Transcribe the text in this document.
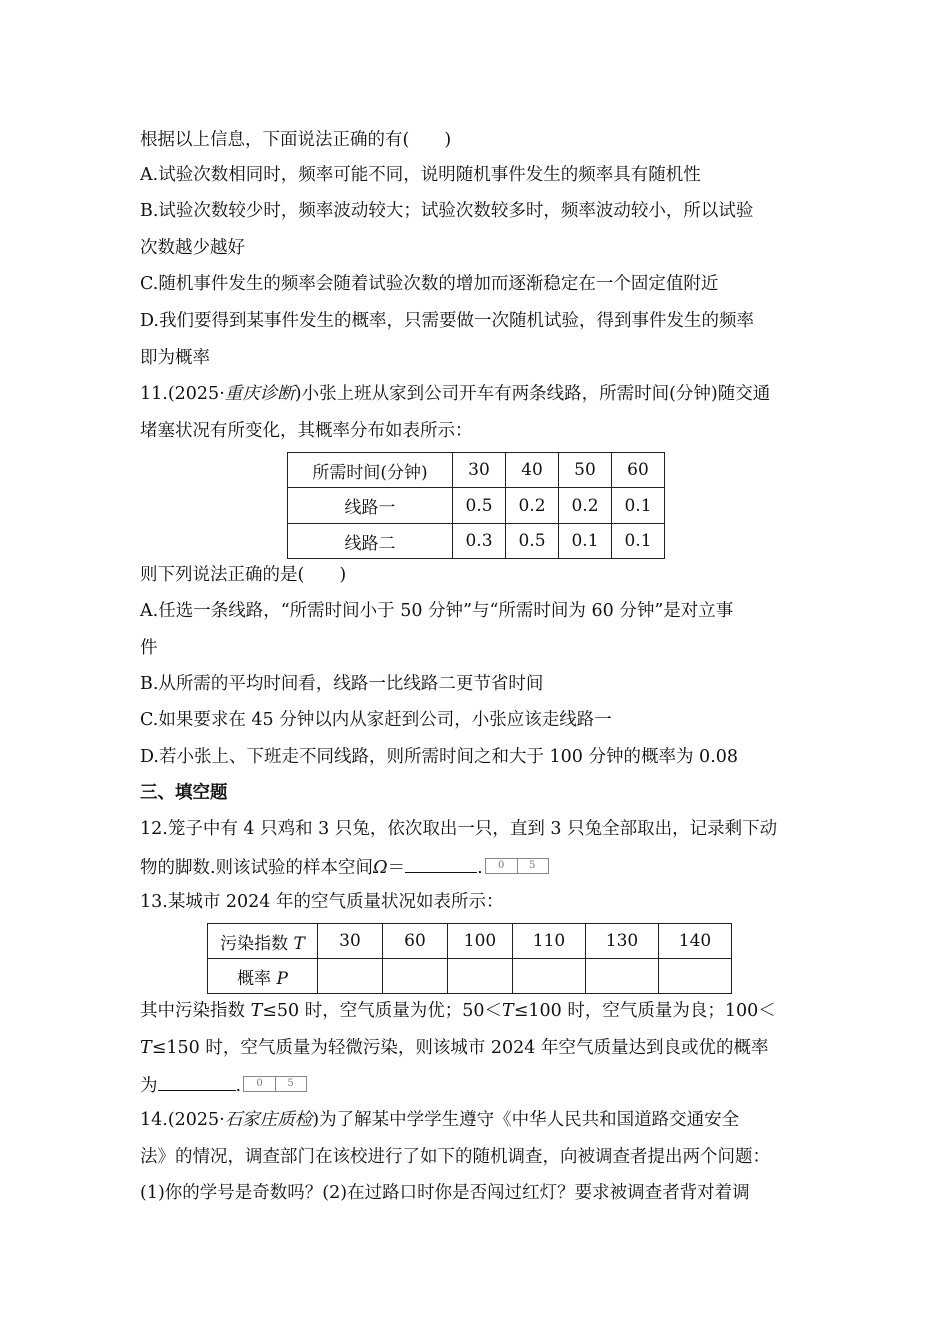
根据以上信息，下面说法正确的有(　　)
A.试验次数相同时，频率可能不同，说明随机事件发生的频率具有随机性
B.试验次数较少时，频率波动较大；试验次数较多时，频率波动较小，所以试验
次数越少越好
C.随机事件发生的频率会随着试验次数的增加而逐渐稳定在一个固定值附近
D.我们要得到某事件发生的概率，只需要做一次随机试验，得到事件发生的频率
即为概率
11.(2025·重庆诊断)小张上班从家到公司开车有两条线路，所需时间(分钟)随交通
堵塞状况有所变化，其概率分布如表所示：
所需时间(分钟)	30	40	50	60
线路一	0.5	0.2	0.2	0.1
线路二	0.3	0.5	0.1	0.1
则下列说法正确的是(　　)
A.任选一条线路，“所需时间小于 50 分钟”与“所需时间为 60 分钟”是对立事
件
B.从所需的平均时间看，线路一比线路二更节省时间
C.如果要求在 45 分钟以内从家赶到公司，小张应该走线路一
D.若小张上、下班走不同线路，则所需时间之和大于 100 分钟的概率为 0.08
三、填空题
12.笼子中有 4 只鸡和 3 只兔，依次取出一只，直到 3 只兔全部取出，记录剩下动
物的脚数.则该试验的样本空间Ω＝	.	0	5
13.某城市 2024 年的空气质量状况如表所示：
污染指数 T	30	60	100	110	130	140
概率 P						
其中污染指数 T≤50 时，空气质量为优；50＜T≤100 时，空气质量为良；100＜
T≤150 时，空气质量为轻微污染，则该城市 2024 年空气质量达到良或优的概率
为	.	0	5
14.(2025·石家庄质检)为了解某中学学生遵守《中华人民共和国道路交通安全
法》的情况，调查部门在该校进行了如下的随机调查，向被调查者提出两个问题：
(1)你的学号是奇数吗？(2)在过路口时你是否闯过红灯？要求被调查者背对着调
